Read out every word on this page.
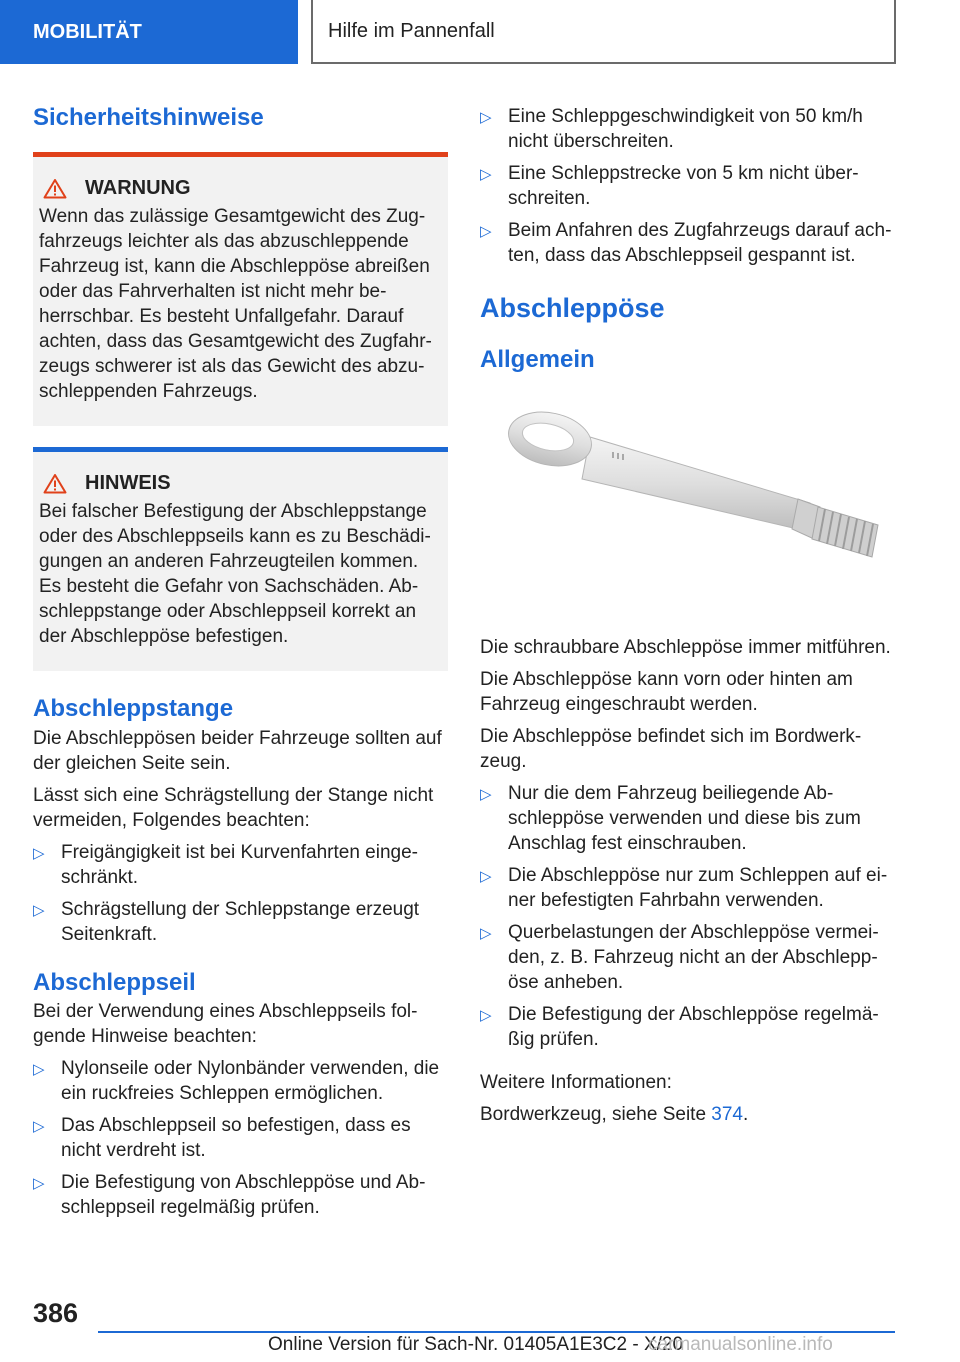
MOBILITÄT	Hilfe im Pannenfall
Sicherheitshinweise
WARNUNG

Wenn das zulässige Gesamtgewicht des Zugfahrzeugs leichter als das abzuschleppende Fahrzeug ist, kann die Abschleppöse abreißen oder das Fahrverhalten ist nicht mehr beherrschbar. Es besteht Unfallgefahr. Darauf achten, dass das Gesamtgewicht des Zugfahrzeugs schwerer ist als das Gewicht des abzuschleppenden Fahrzeugs.

HINWEIS

Bei falscher Befestigung der Abschleppstange oder des Abschleppseils kann es zu Beschädigungen an anderen Fahrzeugteilen kommen. Es besteht die Gefahr von Sachschäden. Abschleppstange oder Abschleppseil korrekt an der Abschleppöse befestigen.

Abschleppstange

Die Abschleppösen beider Fahrzeuge sollten auf der gleichen Seite sein.

Lässt sich eine Schrägstellung der Stange nicht vermeiden, Folgendes beachten:

▷ Freigängigkeit ist bei Kurvenfahrten eingeschränkt.
▷ Schrägstellung der Schleppstange erzeugt Seitenkraft.
Abschleppseil

Bei der Verwendung eines Abschleppseils folgende Hinweise beachten:

▷ Nylonseile oder Nylonbänder verwenden, die ein ruckfreies Schleppen ermöglichen.
▷ Das Abschleppseil so befestigen, dass es nicht verdreht ist.
▷ Die Befestigung von Abschleppöse und Abschleppseil regelmäßig prüfen.
▷ Eine Schleppgeschwindigkeit von 50 km/h nicht überschreiten.
▷ Eine Schleppstrecke von 5 km nicht überschreiten.
▷ Beim Anfahren des Zugfahrzeugs darauf achten, dass das Abschleppseil gespannt ist.
Abschleppöse
Allgemein

Die schraubbare Abschleppöse immer mitführen.

Die Abschleppöse kann vorn oder hinten am Fahrzeug eingeschraubt werden.

Die Abschleppöse befindet sich im Bordwerkzeug.

▷ Nur die dem Fahrzeug beiliegende Abschleppöse verwenden und diese bis zum Anschlag fest einschrauben.
▷ Die Abschleppöse nur zum Schleppen auf einer befestigten Fahrbahn verwenden.
▷ Querbelastungen der Abschleppöse vermeiden, z. B. Fahrzeug nicht an der Abschleppöse anheben.
▷ Die Befestigung der Abschleppöse regelmäßig prüfen.

Weitere Informationen:

Bordwerkzeug, siehe Seite 374.

386
Online Version für Sach-Nr. 01405A1E3C2 - X/20
carmanualsonline.info
